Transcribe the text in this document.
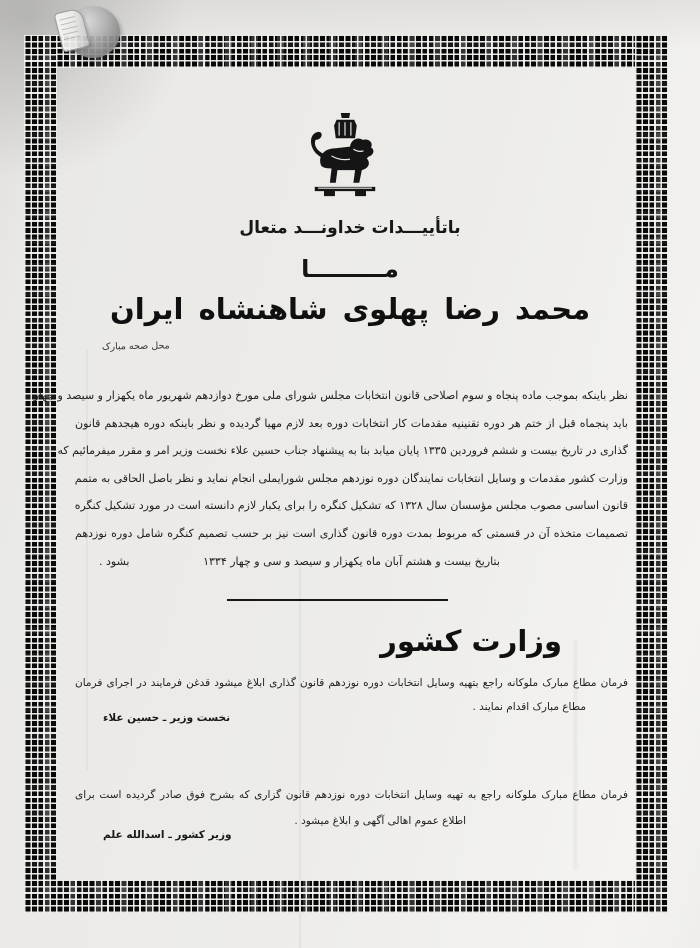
باتأییـــدات خداونـــد متعال
مـــــــــا
محمد رضا پهلوی شاهنشاه ایران
محل صحه مبارک
نظر باینکه بموجب ماده پنجاه و سوم اصلاحی قانون انتخابات مجلس شورای ملی مورخ دوازدهم شهریور ماه یکهزار و سیصد و چهار
باید پنجماه قبل از ختم هر دوره تقنینیه مقدمات کار انتخابات دوره بعد لازم مهیا گردیده و نظر باینکه دوره هیجدهم قانون
گذاری در تاریخ بیست و ششم فروردین ۱۳۳۵ پایان میابد بنا به پیشنهاد جناب حسین علاء نخست وزیر امر و مقرر میفرمائیم که
وزارت کشور مقدمات و وسایل انتخابات نمایندگان دوره نوزدهم مجلس شورایملی انجام نماید و نظر باصل الحاقی به متمم
قانون اساسی مصوب مجلس مؤسسان سال ۱۳۲۸ که تشکیل کنگره را برای یکبار لازم دانسته است در مورد تشکیل کنگره
تصمیمات متخذه آن در قسمتی که مربوط بمدت دوره قانون گذاری است نیز بر حسب تصمیم کنگره شامل دوره نوزدهم
بشود .	بتاریخ بیست و هشتم آبان ماه یکهزار و سیصد و سی و چهار ۱۳۳۴
وزارت کشور
فرمان مطاع مبارک ملوکانه راجع بتهیه وسایل انتخابات دوره نوزدهم قانون گذاری ابلاغ میشود قدغن فرمایند در اجرای فرمان
مطاع مبارک اقدام نمایند .
نخست وزیر ـ حسین علاء
فرمان مطاع مبارک ملوکانه راجع به تهیه وسایل انتخابات دوره نوزدهم قانون گزاری که بشرح فوق صادر گردیده است برای
اطلاع عموم اهالی آگهی و ابلاغ میشود .
وزیر کشور ـ اسدالله علم
